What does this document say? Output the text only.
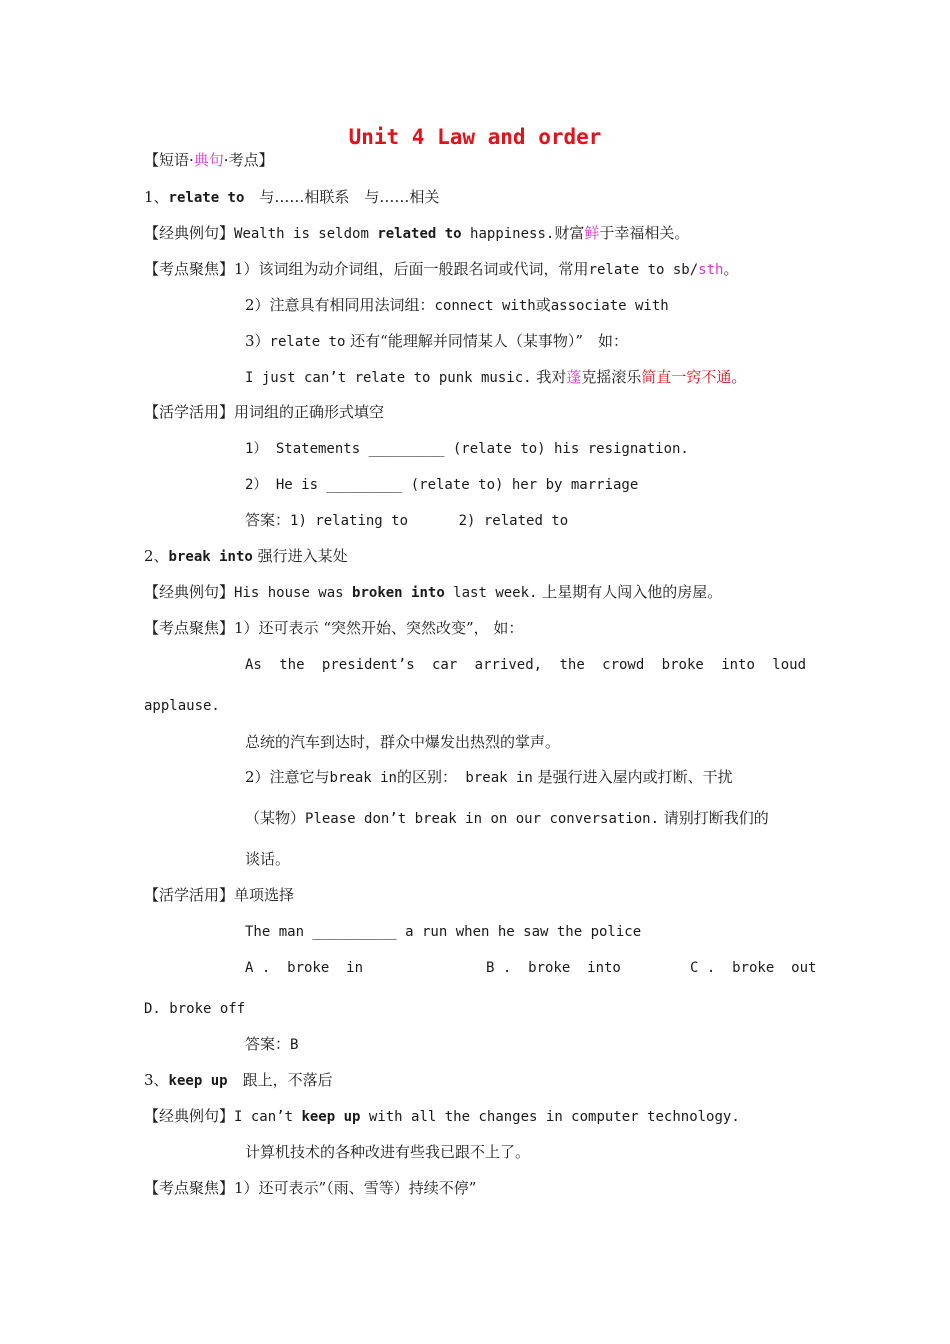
Unit 4 Law and order
【短语·典句·考点】
1、relate to　 与……相联系　与……相关
【经典例句】Wealth is seldom related to happiness.财富鲜于幸福相关。
【考点聚焦】1）该词组为动介词组，后面一般跟名词或代词，常用relate to sb/sth。
2）注意具有相同用法词组：connect with或associate with
3）relate to 还有“能理解并同情某人（某事物）”　如：
I just can’t relate to punk music. 我对蓬克摇滚乐简直一窍不通。
【活学活用】用词组的正确形式填空
1） Statements _________ (relate to) his resignation.
2） He is _________ (relate to) her by marriage
答案：1) relating to      2) related to
2、break into 强行进入某处
【经典例句】His house was broken into last week. 上星期有人闯入他的房屋。
【考点聚焦】1）还可表示 “突然开始、突然改变”， 如：
As the president’s car arrived, the crowd broke into loud
applause.
总统的汽车到达时，群众中爆发出热烈的掌声。
2）注意它与break in的区别： break in 是强行进入屋内或打断、干扰
（某物）Please don’t break in on our conversation. 请别打断我们的
谈话。
【活学活用】单项选择
The man __________ a run when he saw the police
A .  broke  in	B .  broke  into	C .  broke  out
D. broke off
答案：B
3、keep up　跟上，不落后
【经典例句】I can’t keep up with all the changes in computer technology.
计算机技术的各种改进有些我已跟不上了。
【考点聚焦】1）还可表示”（雨、雪等）持续不停”
